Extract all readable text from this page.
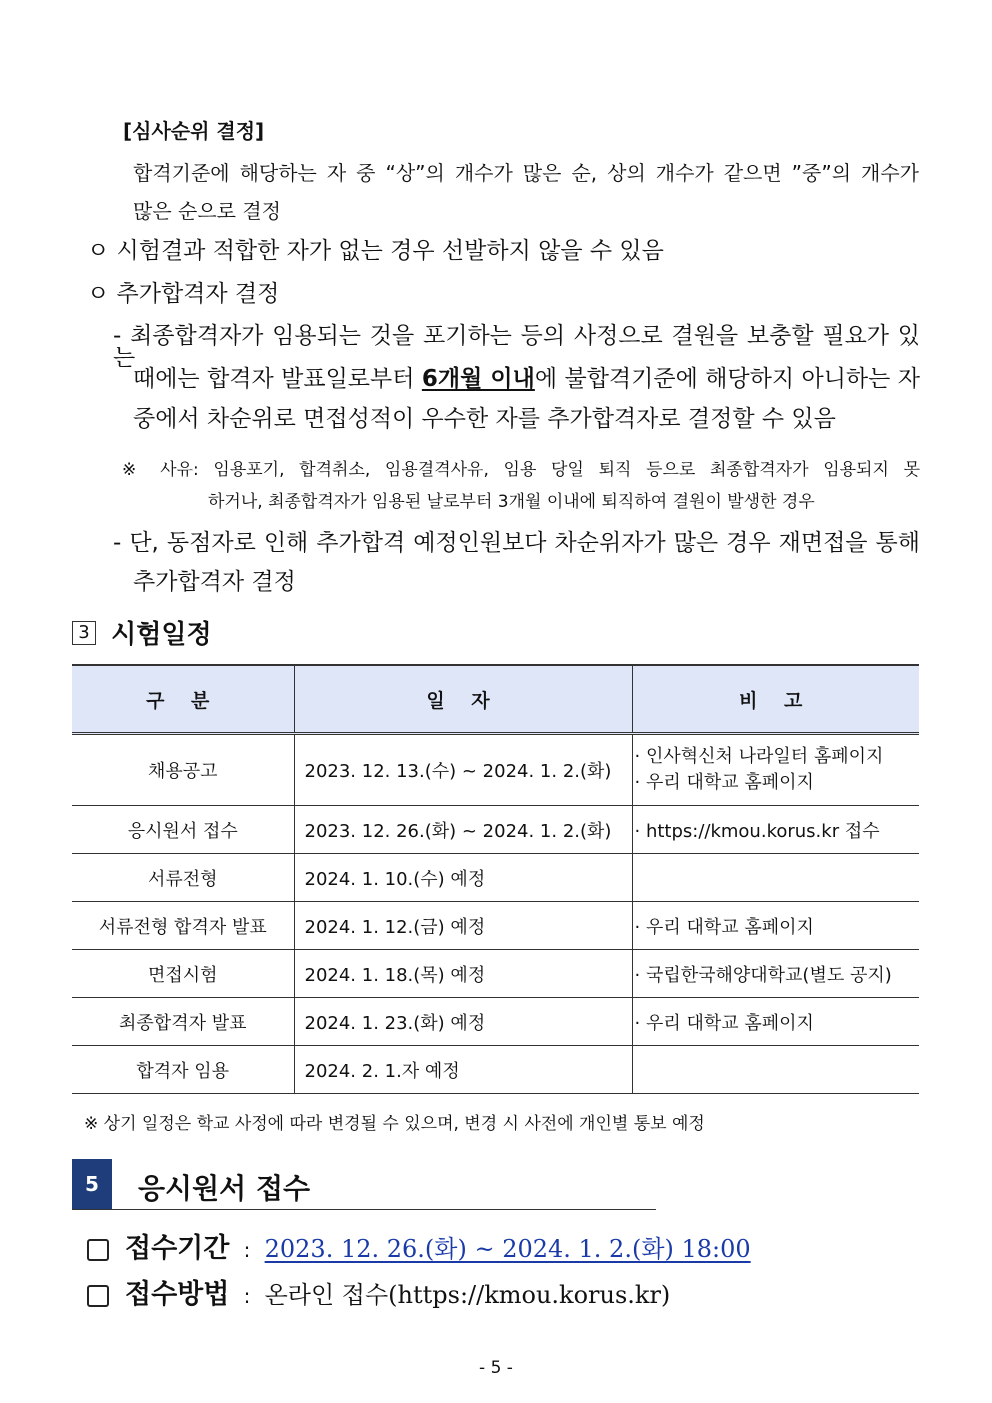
[심사순위 결정]
합격기준에 해당하는 자 중 “상”의 개수가 많은 순, 상의 개수가 같으면 ”중”의 개수가
많은 순으로 결정
ㅇ 시험결과 적합한 자가 없는 경우 선발하지 않을 수 있음
ㅇ 추가합격자 결정
- 최종합격자가 임용되는 것을 포기하는 등의 사정으로 결원을 보충할 필요가 있는
때에는 합격자 발표일로부터 6개월 이내에 불합격기준에 해당하지 아니하는 자
중에서 차순위로 면접성적이 우수한 자를 추가합격자로 결정할 수 있음
※ 사유: 임용포기, 합격취소, 임용결격사유, 임용 당일 퇴직 등으로 최종합격자가 임용되지 못
하거나, 최종합격자가 임용된 날로부터 3개월 이내에 퇴직하여 결원이 발생한 경우
- 단, 동점자로 인해 추가합격 예정인원보다 차순위자가 많은 경우 재면접을 통해
추가합격자 결정
3 시험일정
구 분	일 자	비 고
채용공고	2023. 12. 13.(수) ~ 2024. 1. 2.(화)	· 인사혁신처 나라일터 홈페이지
· 우리 대학교 홈페이지

응시원서 접수	2023. 12. 26.(화) ~ 2024. 1. 2.(화)	· https://kmou.korus.kr 접수
서류전형	2024. 1. 10.(수) 예정	
서류전형 합격자 발표	2024. 1. 12.(금) 예정	· 우리 대학교 홈페이지
면접시험	2024. 1. 18.(목) 예정	· 국립한국해양대학교(별도 공지)
최종합격자 발표	2024. 1. 23.(화) 예정	· 우리 대학교 홈페이지
합격자 임용	2024. 2. 1.자 예정	
※ 상기 일정은 학교 사정에 따라 변경될 수 있으며, 변경 시 사전에 개인별 통보 예정
5	응시원서 접수
접수기간 : 2023. 12. 26.(화) ~ 2024. 1. 2.(화) 18:00
접수방법 : 온라인 접수(https://kmou.korus.kr)
- 5 -
